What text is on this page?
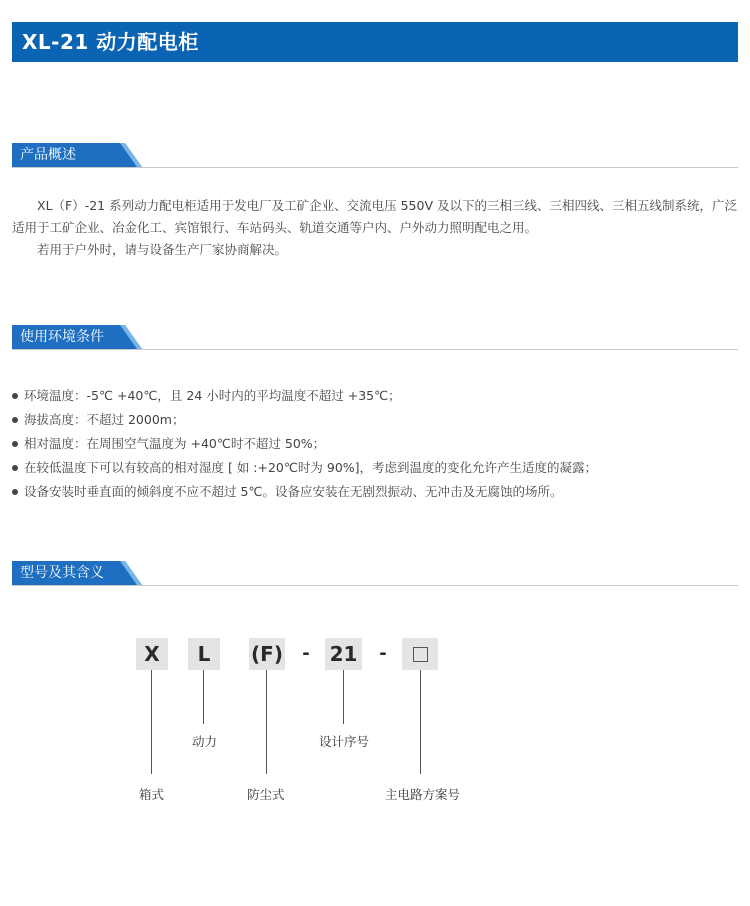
XL-21 动力配电柜
产品概述

XL（F）-21 系列动力配电柜适用于发电厂及工矿企业、交流电压 550V 及以下的三相三线、三相四线、三相五线制系统，广泛适用于工矿企业、冶金化工、宾馆银行、车站码头、轨道交通等户内、户外动力照明配电之用。

若用于户外时，请与设备生产厂家协商解决。

使用环境条件
环境温度：-5℃ +40℃，且 24 小时内的平均温度不超过 +35℃；
海拔高度：不超过 2000m；
相对温度：在周围空气温度为 +40℃时不超过 50%；
在较低温度下可以有较高的相对湿度 [ 如 :+20℃时为 90%]，考虑到温度的变化允许产生适度的凝露；
设备安装时垂直面的倾斜度不应不超过 5℃。设备应安装在无剧烈振动、无冲击及无腐蚀的场所。
型号及其含义
X	L	(F)	- 21	-
动力	设计序号
箱式	防尘式	主电路方案号
